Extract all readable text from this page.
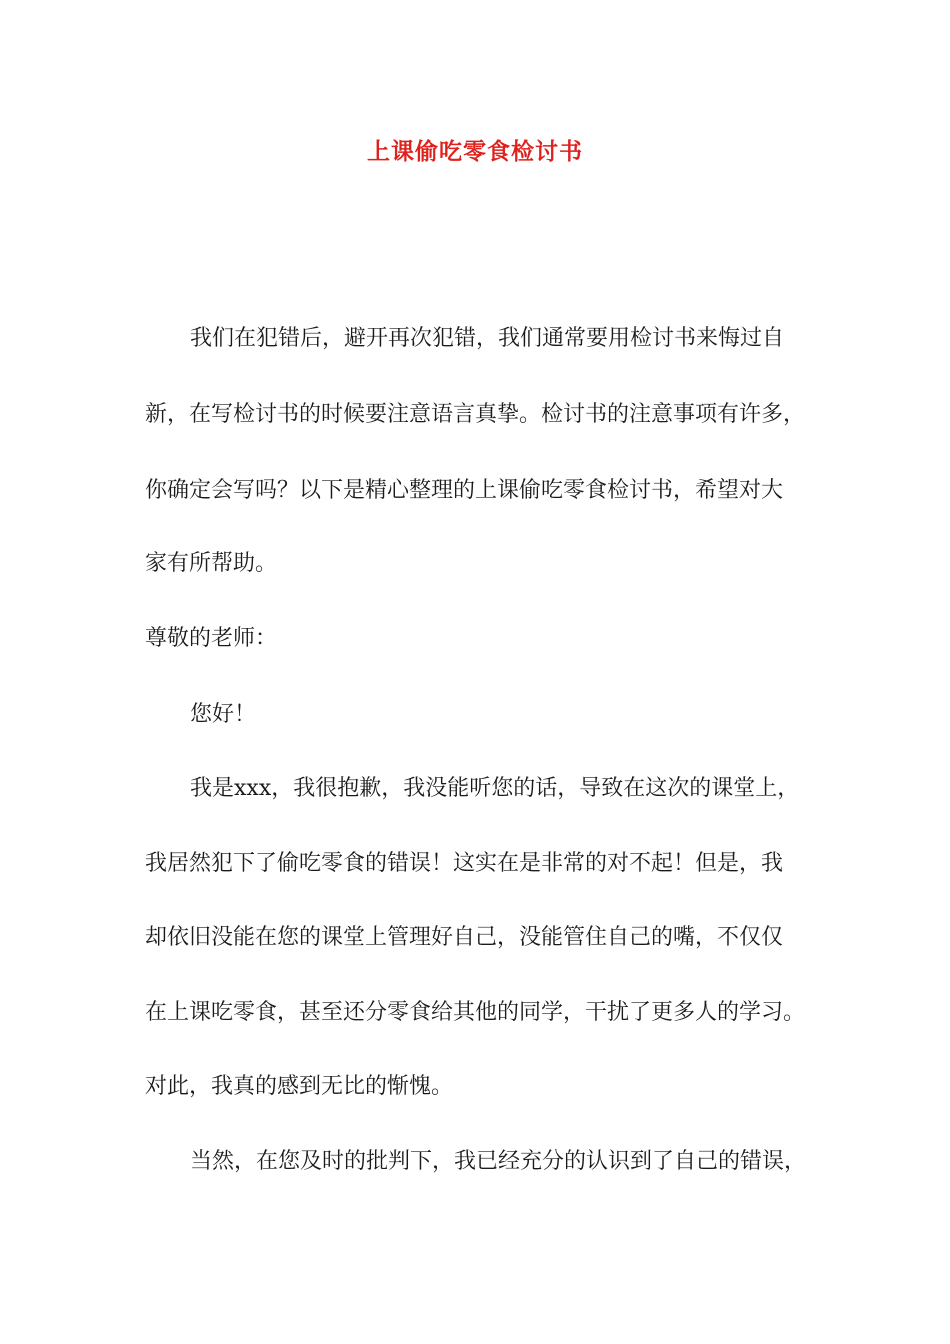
上课偷吃零食检讨书
我们在犯错后，避开再次犯错，我们通常要用检讨书来悔过自
新，在写检讨书的时候要注意语言真挚。检讨书的注意事项有许多，
你确定会写吗？以下是精心整理的上课偷吃零食检讨书，希望对大
家有所帮助。
尊敬的老师：
您好！
我是xxx，我很抱歉，我没能听您的话，导致在这次的课堂上，
我居然犯下了偷吃零食的错误！这实在是非常的对不起！但是，我
却依旧没能在您的课堂上管理好自己，没能管住自己的嘴，不仅仅
在上课吃零食，甚至还分零食给其他的同学，干扰了更多人的学习。
对此，我真的感到无比的惭愧。
当然，在您及时的批判下，我已经充分的认识到了自己的错误，
